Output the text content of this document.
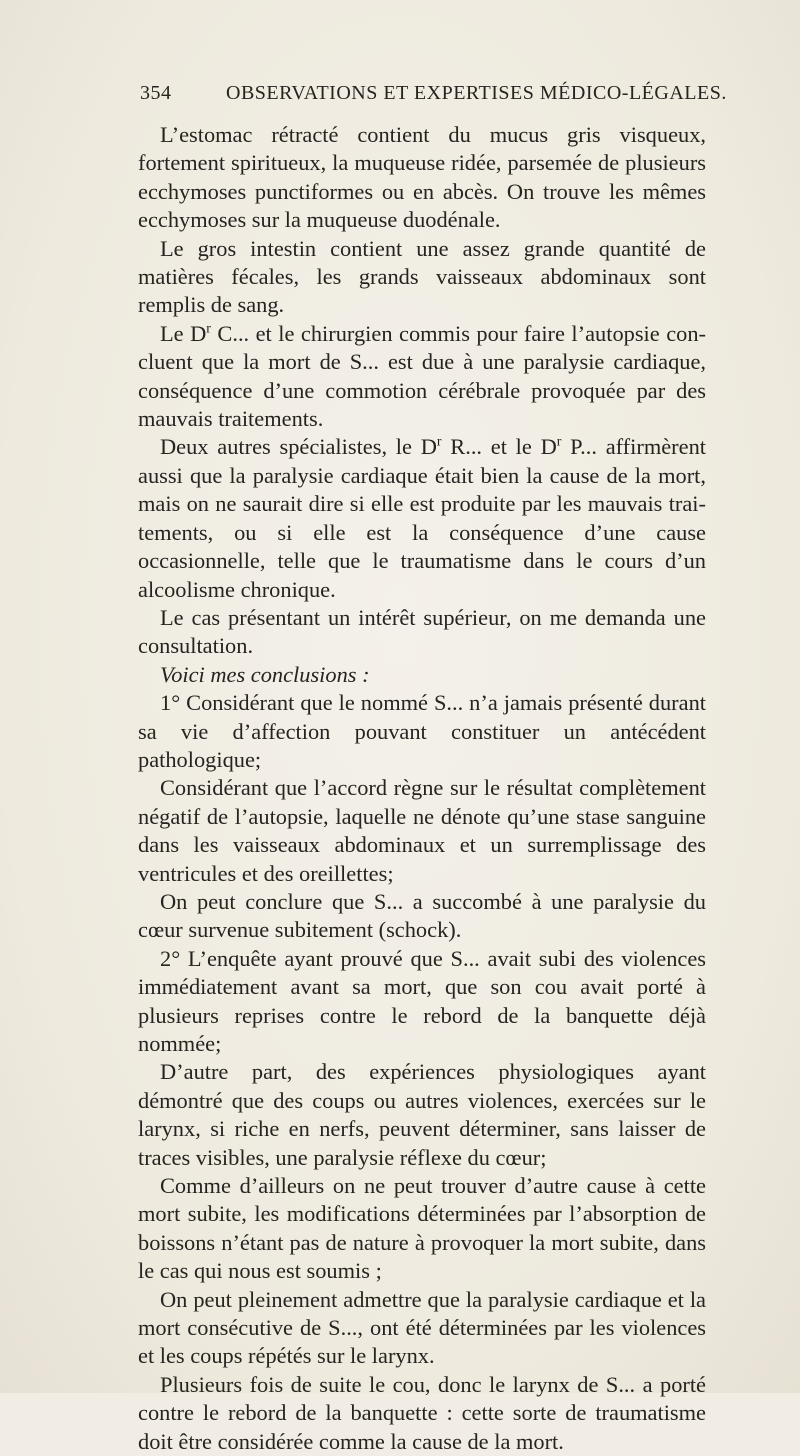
354	OBSERVATIONS ET EXPERTISES MÉDICO-LÉGALES.

L’estomac rétracté contient du mucus gris visqueux, fortement spiritueux, la muqueuse ridée, parsemée de plusieurs ecchymoses punctiformes ou en abcès. On trouve les mêmes ecchymoses sur la muqueuse duodénale.

Le gros intestin contient une assez grande quantité de matières fécales, les grands vaisseaux abdominaux sont remplis de sang.

Le $D^r$ C... et le chirurgien commis pour faire l’autopsie concluent que la mort de S... est due à une paralysie cardiaque, conséquence d’une commotion cérébrale provoquée par des mauvais traitements.

Deux autres spécialistes, le $D^r$ R... et le $D^r$ P... affirmèrent aussi que la paralysie cardiaque était bien la cause de la mort, mais on ne saurait dire si elle est produite par les mauvais traitements, ou si elle est la conséquence d’une cause occasionnelle, telle que le traumatisme dans le cours d’un alcoolisme chronique.

Le cas présentant un intérêt supérieur, on me demanda une consultation.

Voici mes conclusions :

1° Considérant que le nommé S... n’a jamais présenté durant sa vie d’affection pouvant constituer un antécédent pathologique;

Considérant que l’accord règne sur le résultat complètement négatif de l’autopsie, laquelle ne dénote qu’une stase sanguine dans les vaisseaux abdominaux et un surremplissage des ventricules et des oreillettes;

On peut conclure que S... a succombé à une paralysie du cœur survenue subitement (schock).

2° L’enquête ayant prouvé que S... avait subi des violences immédiatement avant sa mort, que son cou avait porté à plusieurs reprises contre le rebord de la banquette déjà nommée;

D’autre part, des expériences physiologiques ayant démontré que des coups ou autres violences, exercées sur le larynx, si riche en nerfs, peuvent déterminer, sans laisser de traces visibles, une paralysie réflexe du cœur;

Comme d’ailleurs on ne peut trouver d’autre cause à cette mort subite, les modifications déterminées par l’absorption de boissons n’étant pas de nature à provoquer la mort subite, dans le cas qui nous est soumis ;

On peut pleinement admettre que la paralysie cardiaque et la mort consécutive de S..., ont été déterminées par les violences et les coups répétés sur le larynx.

Plusieurs fois de suite le cou, donc le larynx de S... a porté contre le rebord de la banquette : cette sorte de traumatisme doit être considérée comme la cause de la mort.
